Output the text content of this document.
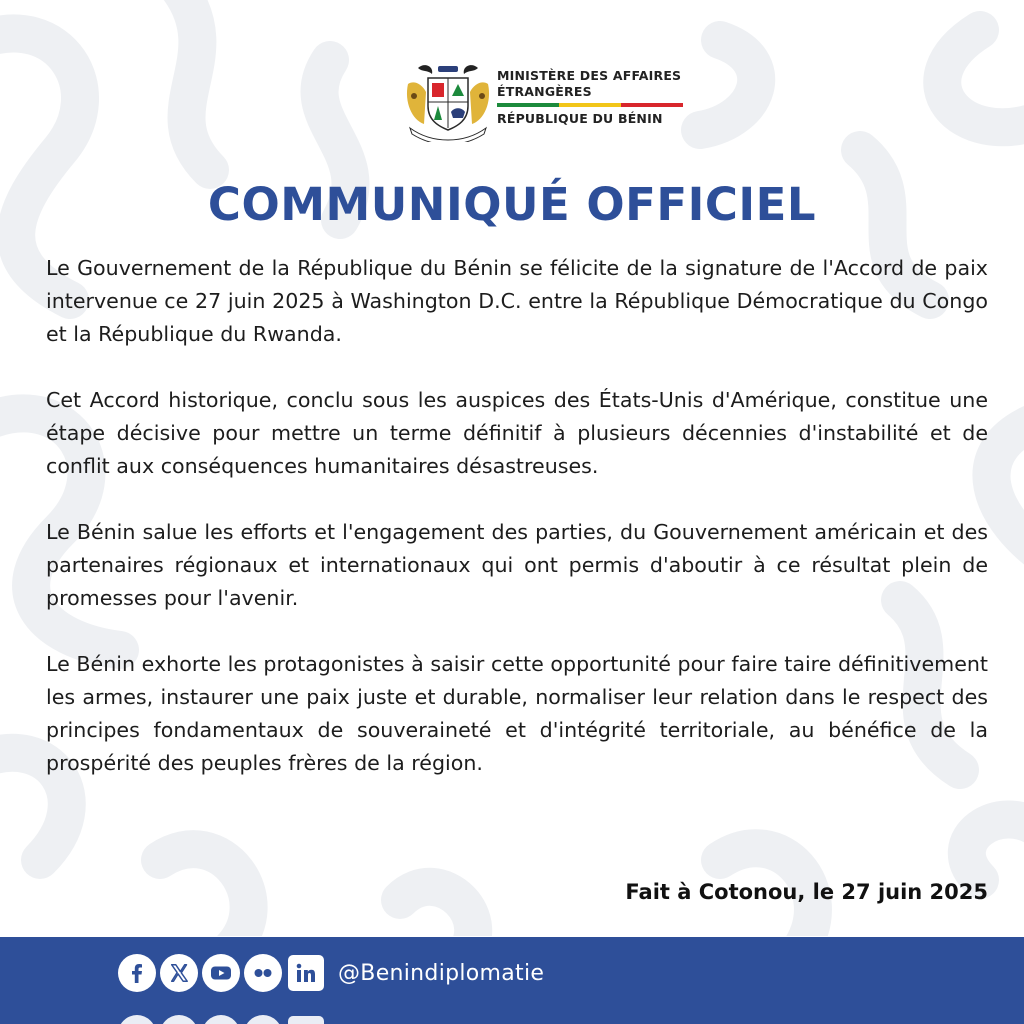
MINISTÈRE DES AFFAIRES
ÉTRANGÈRES
RÉPUBLIQUE DU BÉNIN
COMMUNIQUÉ OFFICIEL

Le Gouvernement de la République du Bénin se félicite de la signature de l'Accord de paix intervenue ce 27 juin 2025 à Washington D.C. entre la République Démocratique du Congo et la République du Rwanda.

Cet Accord historique, conclu sous les auspices des États-Unis d'Amérique, constitue une étape décisive pour mettre un terme définitif à plusieurs décennies d'instabilité et de conflit aux conséquences humanitaires désastreuses.

Le Bénin salue les efforts et l'engagement des parties, du Gouvernement américain et des partenaires régionaux et internationaux qui ont permis d'aboutir à ce résultat plein de promesses pour l'avenir.

Le Bénin exhorte les protagonistes à saisir cette opportunité pour faire taire définitivement les armes, instaurer une paix juste et durable, normaliser leur relation dans le respect des principes fondamentaux de souveraineté et d'intégrité territoriale, au bénéfice de la prospérité des peuples frères de la région.

Fait à Cotonou, le 27 juin 2025
@Benindiplomatie
